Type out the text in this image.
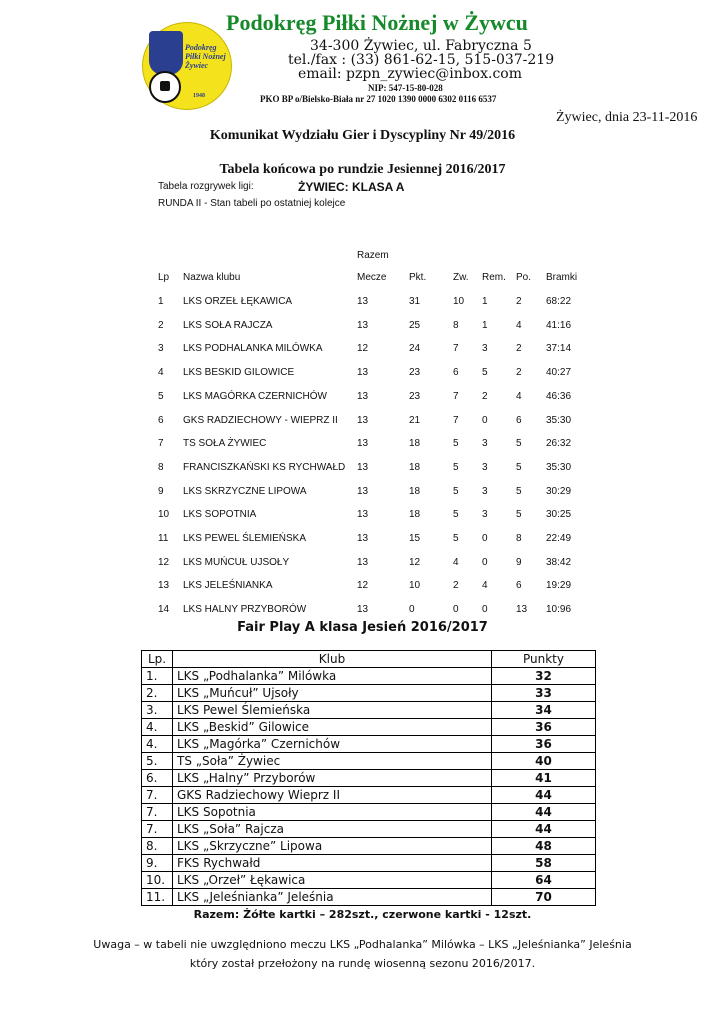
Podokręg Piłki Nożnej Żywiec
1948
Podokręg Piłki Nożnej w Żywcu
34-300 Żywiec, ul. Fabryczna 5
tel./fax : (33) 861-62-15, 515-037-219
email: pzpn_zywiec@inbox.com
NIP: 547-15-80-028
PKO BP o/Bielsko-Biała nr 27 1020 1390 0000 6302 0116 6537
Żywiec, dnia 23-11-2016
Komunikat Wydziału Gier i Dyscypliny Nr 49/2016
Tabela końcowa po rundzie Jesiennej 2016/2017
Tabela rozgrywek ligi:	ŻYWIEC: KLASA A
RUNDA II - Stan tabeli po ostatniej kolejce
Razem
Lp Nazwa klubu	Mecze Pkt.	Zw. Rem. Po. Bramki
1 LKS ORZEŁ ŁĘKAWICA	13	31	10 1	2 68:22
2 LKS SOŁA RAJCZA	13	25	8 1	4 41:16
3 LKS PODHALANKA MILÓWKA	12	24	7 3	2 37:14
4 LKS BESKID GILOWICE	13	23	6 5	2 40:27
5 LKS MAGÓRKA CZERNICHÓW	13	23	7 2	4 46:36
6 GKS RADZIECHOWY - WIEPRZ II 13	21	7 0	6 35:30
7 TS SOŁA ŻYWIEC	13	18	5 3	5 26:32
8 FRANCISZKAŃSKI KS RYCHWAŁD 13	18	5 3	5 35:30
9 LKS SKRZYCZNE LIPOWA	13	18	5 3	5 30:29
10 LKS SOPOTNIA	13	18	5 3	5 30:25
11 LKS PEWEL ŚLEMIEŃSKA	13	15	5 0	8 22:49
12 LKS MUŃCUŁ UJSOŁY	13	12	4 0	9 38:42
13 LKS JELEŚNIANKA	12	10	2 4	6 19:29
14 LKS HALNY PRZYBORÓW	13	0	0 0	13 10:96
Fair Play A klasa Jesień 2016/2017
Lp.	Klub	Punkty
1.	LKS „Podhalanka” Milówka	32
2.	LKS „Muńcuł” Ujsoły	33
3.	LKS Pewel Ślemieńska	34
4.	LKS „Beskid” Gilowice	36
4.	LKS „Magórka” Czernichów	36
5.	TS „Soła” Żywiec	40
6.	LKS „Halny” Przyborów	41
7.	GKS Radziechowy Wieprz II	44
7.	LKS Sopotnia	44
7.	LKS „Soła” Rajcza	44
8.	LKS „Skrzyczne” Lipowa	48
9.	FKS Rychwałd	58
10.	LKS „Orzeł” Łękawica	64
11.	LKS „Jeleśnianka” Jeleśnia	70
Razem: Żółte kartki – 282szt., czerwone kartki - 12szt.
Uwaga – w tabeli nie uwzględniono meczu LKS „Podhalanka” Milówka – LKS „Jeleśnianka” Jeleśnia
który został przełożony na rundę wiosenną sezonu 2016/2017.
